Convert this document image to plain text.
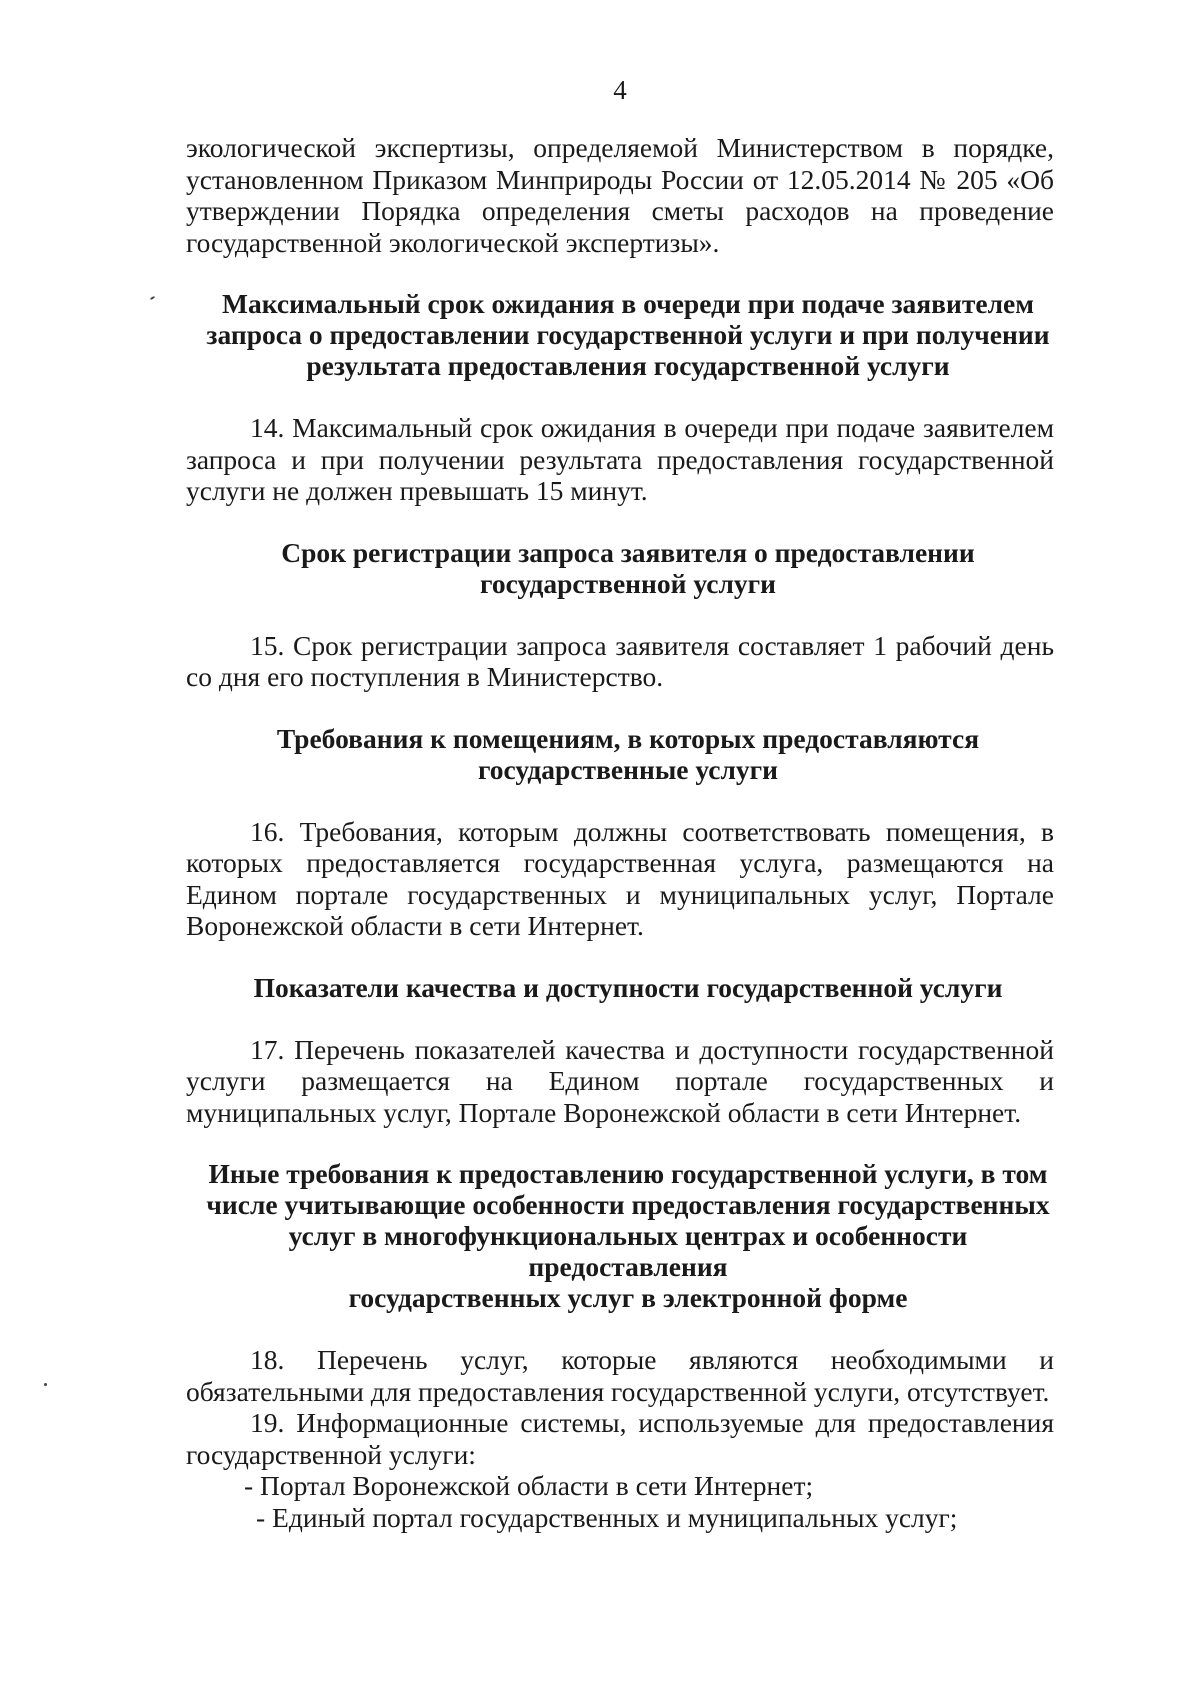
4

экологической экспертизы, определяемой Министерством в порядке, установленном Приказом Минприроды России от 12.05.2014 № 205 «Об утверждении Порядка определения сметы расходов на проведение государственной экологической экспертизы».

Максимальный срок ожидания в очереди при подаче заявителем
запроса о предоставлении государственной услуги и при получении
результата предоставления государственной услуги

14. Максимальный срок ожидания в очереди при подаче заявителем запроса и при получении результата предоставления государственной услуги не должен превышать 15 минут.

Срок регистрации запроса заявителя о предоставлении
государственной услуги

15. Срок регистрации запроса заявителя составляет 1 рабочий день со дня его поступления в Министерство.

Требования к помещениям, в которых предоставляются
государственные услуги

16. Требования, которым должны соответствовать помещения, в которых предоставляется государственная услуга, размещаются на Едином портале государственных и муниципальных услуг, Портале Воронежской области в сети Интернет.

Показатели качества и доступности государственной услуги

17. Перечень показателей качества и доступности государственной услуги размещается на Едином портале государственных и муниципальных услуг, Портале Воронежской области в сети Интернет.

Иные требования к предоставлению государственной услуги, в том
числе учитывающие особенности предоставления государственных
услуг в многофункциональных центрах и особенности предоставления
государственных услуг в электронной форме

18. Перечень услуг, которые являются необходимыми и обязательными для предоставления государственной услуги, отсутствует.

19. Информационные системы, используемые для предоставления государственной услуги:

- Портал Воронежской области в сети Интернет;

- Единый портал государственных и муниципальных услуг;
